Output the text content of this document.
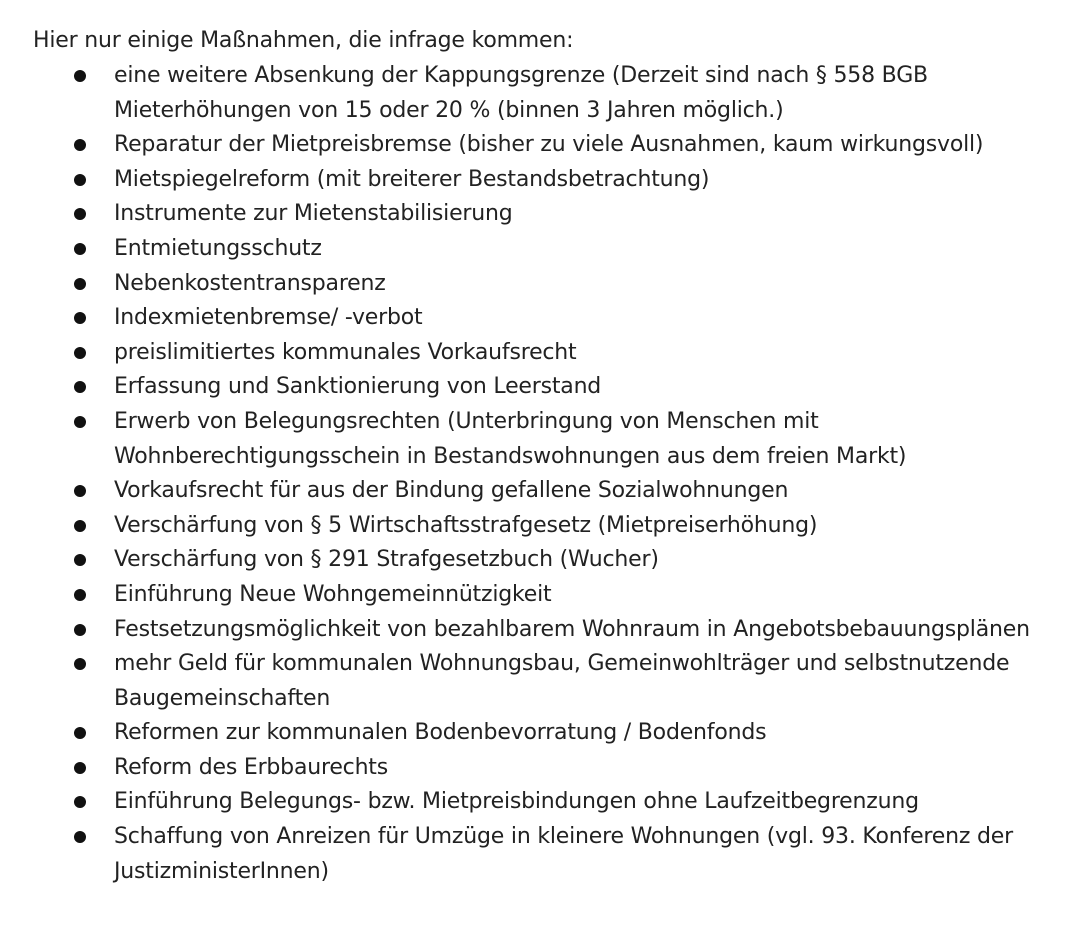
Hier nur einige Maßnahmen, die infrage kommen:
eine weitere Absenkung der Kappungsgrenze (Derzeit sind nach § 558 BGB
Mieterhöhungen von 15 oder 20 % (binnen 3 Jahren möglich.)
Reparatur der Mietpreisbremse (bisher zu viele Ausnahmen, kaum wirkungsvoll)
Mietspiegelreform (mit breiterer Bestandsbetrachtung)
Instrumente zur Mietenstabilisierung
Entmietungsschutz
Nebenkostentransparenz
Indexmietenbremse/ -verbot
preislimitiertes kommunales Vorkaufsrecht
Erfassung und Sanktionierung von Leerstand
Erwerb von Belegungsrechten (Unterbringung von Menschen mit
Wohnberechtigungsschein in Bestandswohnungen aus dem freien Markt)
Vorkaufsrecht für aus der Bindung gefallene Sozialwohnungen
Verschärfung von § 5 Wirtschaftsstrafgesetz (Mietpreiserhöhung)
Verschärfung von § 291 Strafgesetzbuch (Wucher)
Einführung Neue Wohngemeinnützigkeit
Festsetzungsmöglichkeit von bezahlbarem Wohnraum in Angebotsbebauungsplänen
mehr Geld für kommunalen Wohnungsbau, Gemeinwohlträger und selbstnutzende
Baugemeinschaften
Reformen zur kommunalen Bodenbevorratung / Bodenfonds
Reform des Erbbaurechts
Einführung Belegungs- bzw. Mietpreisbindungen ohne Laufzeitbegrenzung
Schaffung von Anreizen für Umzüge in kleinere Wohnungen (vgl. 93. Konferenz der
JustizministerInnen)
